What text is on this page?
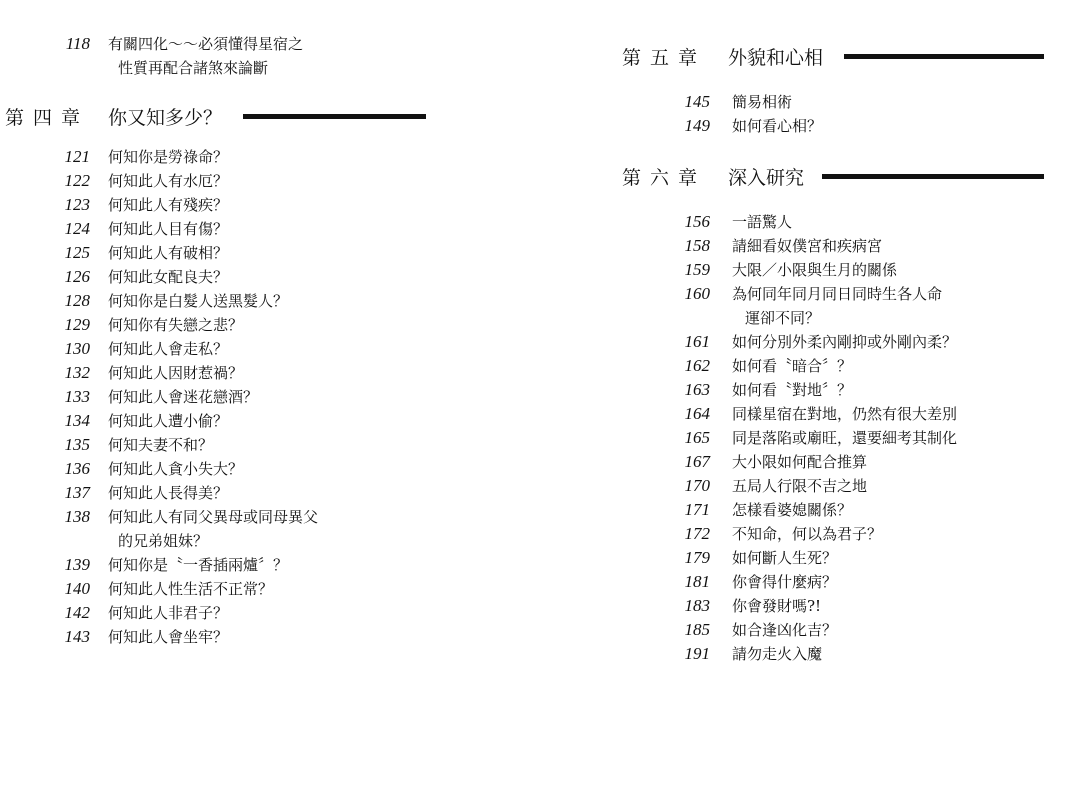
118 有關四化～～必須懂得星宿之
性質再配合諸煞來論斷
第四章 你又知多少？
121 何知你是勞祿命？
122 何知此人有水厄？
123 何知此人有殘疾？
124 何知此人目有傷？
125 何知此人有破相？
126 何知此女配良夫？
128 何知你是白髮人送黑髮人？
129 何知你有失戀之悲？
130 何知此人會走私？
132 何知此人因財惹禍？
133 何知此人會迷花戀酒？
134 何知此人遭小偷？
135 何知夫妻不和？
136 何知此人貪小失大？
137 何知此人長得美？
138 何知此人有同父異母或同母異父
的兄弟姐妹？
139 何知你是〝一香插兩爐〞？
140 何知此人性生活不正常？
142 何知此人非君子？
143 何知此人會坐牢？
第五章 外貌和心相
145 簡易相術
149 如何看心相？
第六章 深入研究
156 一語驚人
158 請細看奴僕宮和疾病宮
159 大限／小限與生月的關係
160 為何同年同月同日同時生各人命
運卻不同？
161 如何分別外柔內剛抑或外剛內柔？
162 如何看〝暗合〞？
163 如何看〝對地〞？
164 同樣星宿在對地，仍然有很大差別
165 同是落陷或廟旺，還要細考其制化
167 大小限如何配合推算
170 五局人行限不吉之地
171 怎樣看婆媳關係？
172 不知命，何以為君子？
179 如何斷人生死？
181 你會得什麼病？
183 你會發財嗎?!
185 如合逢凶化吉？
191 請勿走火入魔
